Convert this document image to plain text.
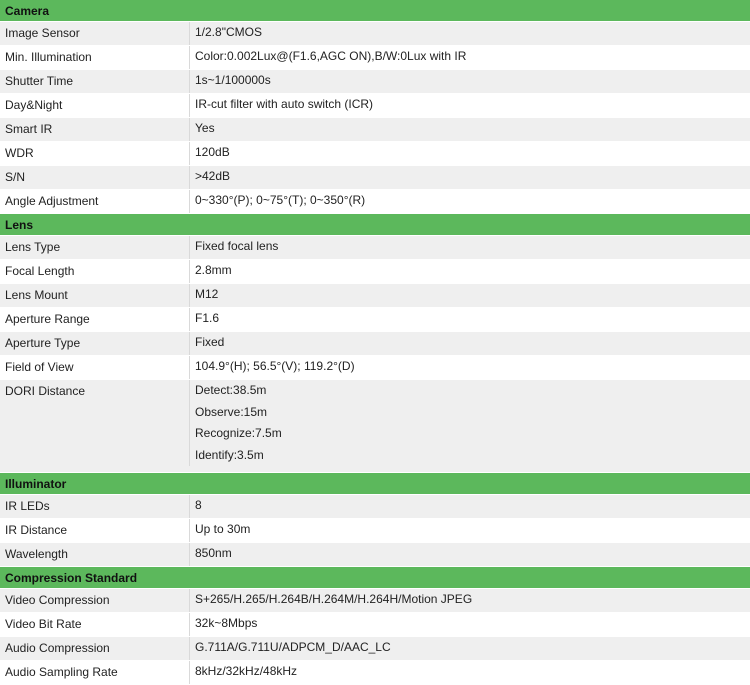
Camera
Image Sensor	1/2.8"CMOS
Min. Illumination	Color:0.002Lux@(F1.6,AGC ON),B/W:0Lux with IR
Shutter Time	1s~1/100000s
Day&Night	IR-cut filter with auto switch (ICR)
Smart IR	Yes
WDR	120dB
S/N	>42dB
Angle Adjustment	0~330°(P); 0~75°(T); 0~350°(R)
Lens
Lens Type	Fixed focal lens
Focal Length	2.8mm
Lens Mount	M12
Aperture Range	F1.6
Aperture Type	Fixed
Field of View	104.9°(H); 56.5°(V); 119.2°(D)
DORI Distance	Detect:38.5m
Observe:15m
Recognize:7.5m
Identify:3.5m
Illuminator
IR LEDs	8
IR Distance	Up to 30m
Wavelength	850nm
Compression Standard
Video Compression	S+265/H.265/H.264B/H.264M/H.264H/Motion JPEG
Video Bit Rate	32k~8Mbps
Audio Compression	G.711A/G.711U/ADPCM_D/AAC_LC
Audio Sampling Rate	8kHz/32kHz/48kHz
